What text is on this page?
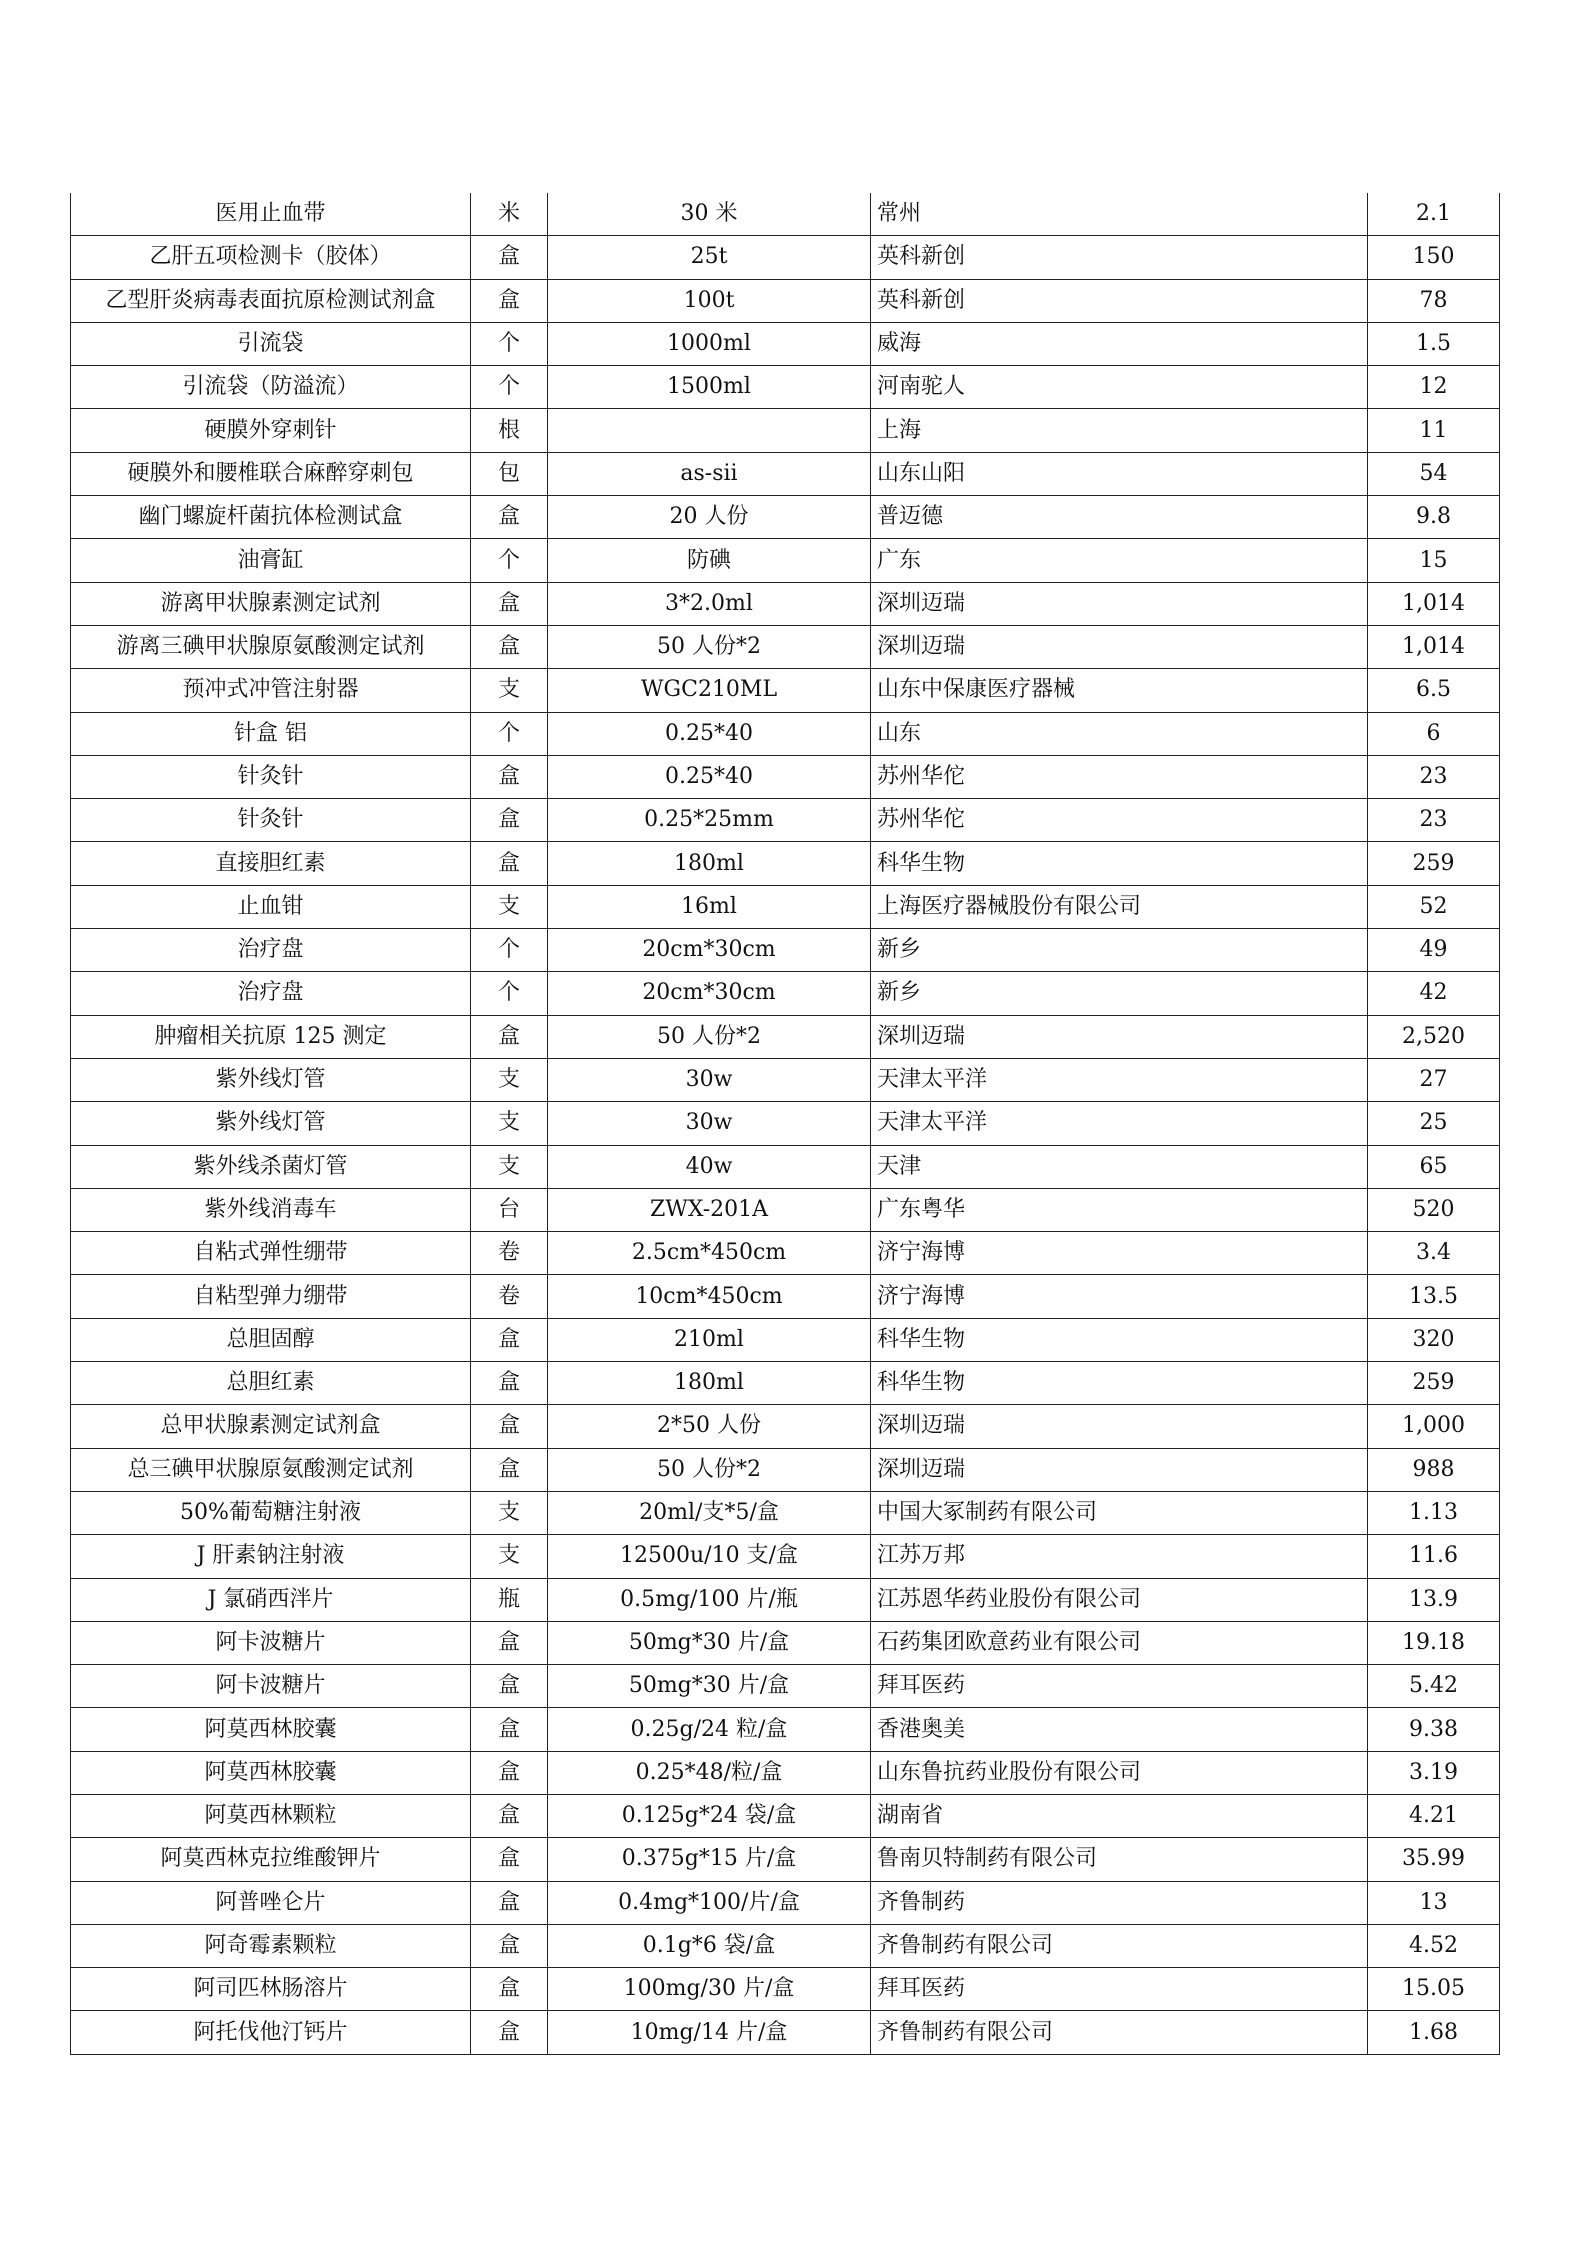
医用止血带	米	30 米	常州	2.1
乙肝五项检测卡（胶体）	盒	25t	英科新创	150
乙型肝炎病毒表面抗原检测试剂盒	盒	100t	英科新创	78
引流袋	个	1000ml	威海	1.5
引流袋（防溢流）	个	1500ml	河南驼人	12
硬膜外穿刺针	根		上海	11
硬膜外和腰椎联合麻醉穿刺包	包	as-sii	山东山阳	54
幽门螺旋杆菌抗体检测试盒	盒	20 人份	普迈德	9.8
油膏缸	个	防碘	广东	15
游离甲状腺素测定试剂	盒	3*2.0ml	深圳迈瑞	1,014
游离三碘甲状腺原氨酸测定试剂	盒	50 人份*2	深圳迈瑞	1,014
预冲式冲管注射器	支	WGC210ML	山东中保康医疗器械	6.5
针盒 铝	个	0.25*40	山东	6
针灸针	盒	0.25*40	苏州华佗	23
针灸针	盒	0.25*25mm	苏州华佗	23
直接胆红素	盒	180ml	科华生物	259
止血钳	支	16ml	上海医疗器械股份有限公司	52
治疗盘	个	20cm*30cm	新乡	49
治疗盘	个	20cm*30cm	新乡	42
肿瘤相关抗原 125 测定	盒	50 人份*2	深圳迈瑞	2,520
紫外线灯管	支	30w	天津太平洋	27
紫外线灯管	支	30w	天津太平洋	25
紫外线杀菌灯管	支	40w	天津	65
紫外线消毒车	台	ZWX-201A	广东粤华	520
自粘式弹性绷带	卷	2.5cm*450cm	济宁海博	3.4
自粘型弹力绷带	卷	10cm*450cm	济宁海博	13.5
总胆固醇	盒	210ml	科华生物	320
总胆红素	盒	180ml	科华生物	259
总甲状腺素测定试剂盒	盒	2*50 人份	深圳迈瑞	1,000
总三碘甲状腺原氨酸测定试剂	盒	50 人份*2	深圳迈瑞	988
50%葡萄糖注射液	支	20ml/支*5/盒	中国大冢制药有限公司	1.13
J 肝素钠注射液	支	12500u/10 支/盒	江苏万邦	11.6
J 氯硝西泮片	瓶	0.5mg/100 片/瓶	江苏恩华药业股份有限公司	13.9
阿卡波糖片	盒	50mg*30 片/盒	石药集团欧意药业有限公司	19.18
阿卡波糖片	盒	50mg*30 片/盒	拜耳医药	5.42
阿莫西林胶囊	盒	0.25g/24 粒/盒	香港奥美	9.38
阿莫西林胶囊	盒	0.25*48/粒/盒	山东鲁抗药业股份有限公司	3.19
阿莫西林颗粒	盒	0.125g*24 袋/盒	湖南省	4.21
阿莫西林克拉维酸钾片	盒	0.375g*15 片/盒	鲁南贝特制药有限公司	35.99
阿普唑仑片	盒	0.4mg*100/片/盒	齐鲁制药	13
阿奇霉素颗粒	盒	0.1g*6 袋/盒	齐鲁制药有限公司	4.52
阿司匹林肠溶片	盒	100mg/30 片/盒	拜耳医药	15.05
阿托伐他汀钙片	盒	10mg/14 片/盒	齐鲁制药有限公司	1.68
